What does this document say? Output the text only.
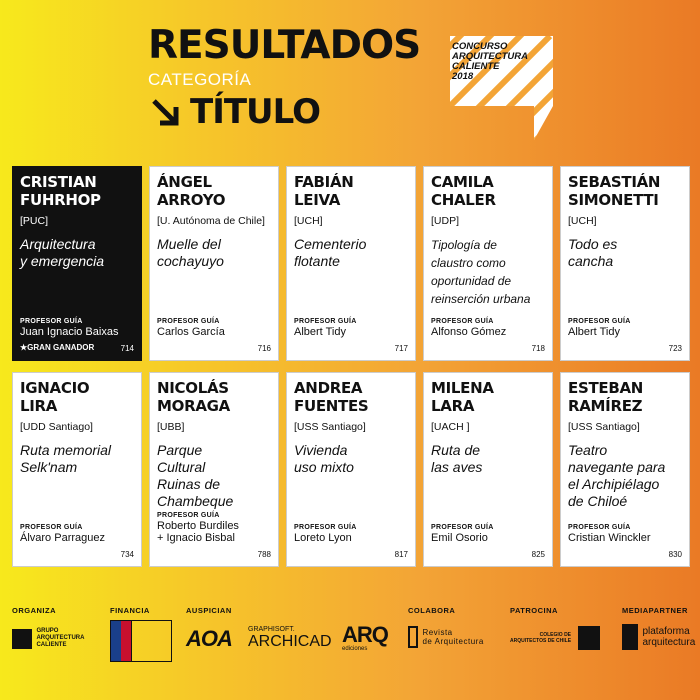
RESULTADOS
CATEGORÍA
TÍTULO
CONCURSO
ARQUITECTURA
CALIENTE
2018
CRISTIAN
FUHRHOP
[PUC]
Arquitectura
y emergencia
PROFESOR GUÍA
Juan Ignacio Baixas
★GRAN GANADOR	714
ÁNGEL
ARROYO
[U. Autónoma de Chile]
Muelle del
cochayuyo
PROFESOR GUÍA
Carlos García
716
FABIÁN
LEIVA
[UCH]
Cementerio
flotante
PROFESOR GUÍA
Albert Tidy
717
CAMILA
CHALER
[UDP]
Tipología de
claustro como
oportunidad de
reinserción urbana
PROFESOR GUÍA
Alfonso Gómez
718
SEBASTIÁN
SIMONETTI
[UCH]
Todo es
cancha
PROFESOR GUÍA
Albert Tidy
723
IGNACIO
LIRA
[UDD Santiago]
Ruta memorial
Selk'nam
PROFESOR GUÍA
Álvaro Parraguez
734
NICOLÁS
MORAGA
[UBB]
Parque
Cultural
Ruinas de
Chambeque
PROFESOR GUÍA
Roberto Burdiles
+ Ignacio Bisbal
788
ANDREA
FUENTES
[USS Santiago]
Vivienda
uso mixto
PROFESOR GUÍA
Loreto Lyon
817
MILENA
LARA
[UACH ]
Ruta de
las aves
PROFESOR GUÍA
Emil Osorio
825
ESTEBAN
RAMÍREZ
[USS Santiago]
Teatro
navegante para
el Archipiélago
de Chiloé
PROFESOR GUÍA
Cristian Winckler
830
ORGANIZA	FINANCIA	AUSPICIAN	COLABORA	PATROCINA	MEDIAPARTNER
GRUPO
ARQUITECTURA
CALIENTE	AOA GRAPHISOFT.
ARCHICAD ARQ
ediciones
Revista
de Arquitectura
COLEGIO DE
ARQUITECTOS DE CHILE
plataforma
arquitectura
